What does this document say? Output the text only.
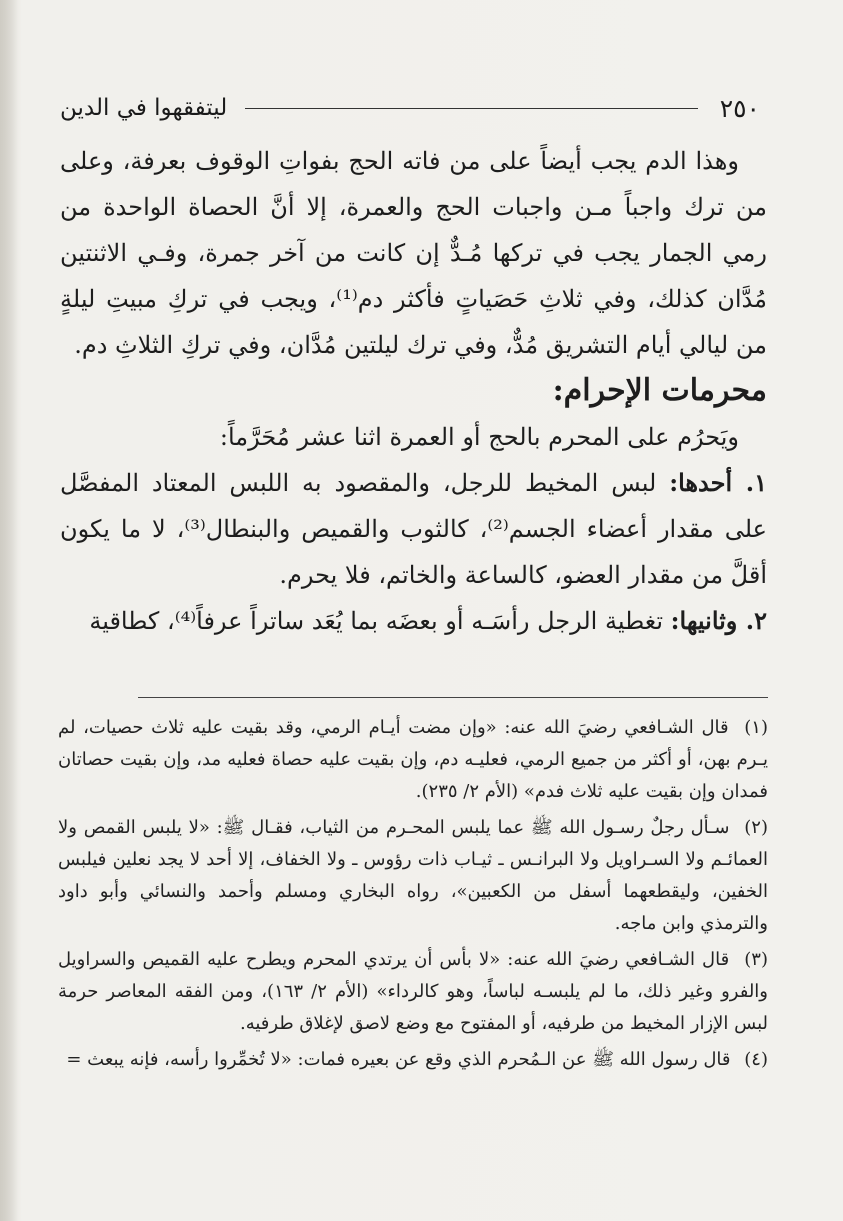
٢٥٠
ليتفقهوا في الدين

وهذا الدم يجب أيضاً على من فاته الحج بفواتِ الوقوف بعرفة، وعلى من ترك واجباً مـن واجبات الحج والعمرة، إلا أنَّ الحصاة الواحدة من رمي الجمار يجب في تركها مُـدٌّ إن كانت من آخر جمرة، وفـي الاثنتين مُدَّان كذلك، وفي ثلاثِ حَصَياتٍ فأكثر دم⁽¹⁾، ويجب في تركِ مبيتِ ليلةٍ من ليالي أيام التشريق مُدٌّ، وفي ترك ليلتين مُدَّان، وفي تركِ الثلاثِ دم.

محرمات الإحرام:

ويَحرُم على المحرم بالحج أو العمرة اثنا عشر مُحَرَّماً:

١. أحدها: لبس المخيط للرجل، والمقصود به اللبس المعتاد المفصَّل على مقدار أعضاء الجسم⁽²⁾، كالثوب والقميص والبنطال⁽³⁾، لا ما يكون أقلَّ من مقدار العضو، كالساعة والخاتم، فلا يحرم.

٢. وثانيها: تغطية الرجل رأسَـه أو بعضَه بما يُعَد ساتراً عرفاً⁽⁴⁾، كطاقية

(١) قال الشـافعي رضيَ الله عنه: «وإن مضت أيـام الرمي، وقد بقيت عليه ثلاث حصيات، لم يـرم بهن، أو أكثر من جميع الرمي، فعليـه دم، وإن بقيت عليه حصاة فعليه مد، وإن بقيت حصاتان فمدان وإن بقيت عليه ثلاث فدم» (الأم ٢/ ٢٣٥).

(٢) سـأل رجلٌ رسـول الله ﷺ عما يلبس المحـرم من الثياب، فقـال ﷺ: «لا يلبس القمص ولا العمائـم ولا السـراويل ولا البرانـس ـ ثيـاب ذات رؤوس ـ ولا الخفاف، إلا أحد لا يجد نعلين فيلبس الخفين، وليقطعهما أسفل من الكعبين»، رواه البخاري ومسلم وأحمد والنسائي وأبو داود والترمذي وابن ماجه.

(٣) قال الشـافعي رضيَ الله عنه: «لا بأس أن يرتدي المحرم ويطرح عليه القميص والسراويل والفرو وغير ذلك، ما لم يلبسـه لباساً، وهو كالرداء» (الأم ٢/ ١٦٣)، ومن الفقه المعاصر حرمة لبس الإزار المخيط من طرفيه، أو المفتوح مع وضع لاصق لإغلاق طرفيه.

(٤) قال رسول الله ﷺ عن الـمُحرم الذي وقع عن بعيره فمات: «لا تُخمِّروا رأسه، فإنه يبعث =
